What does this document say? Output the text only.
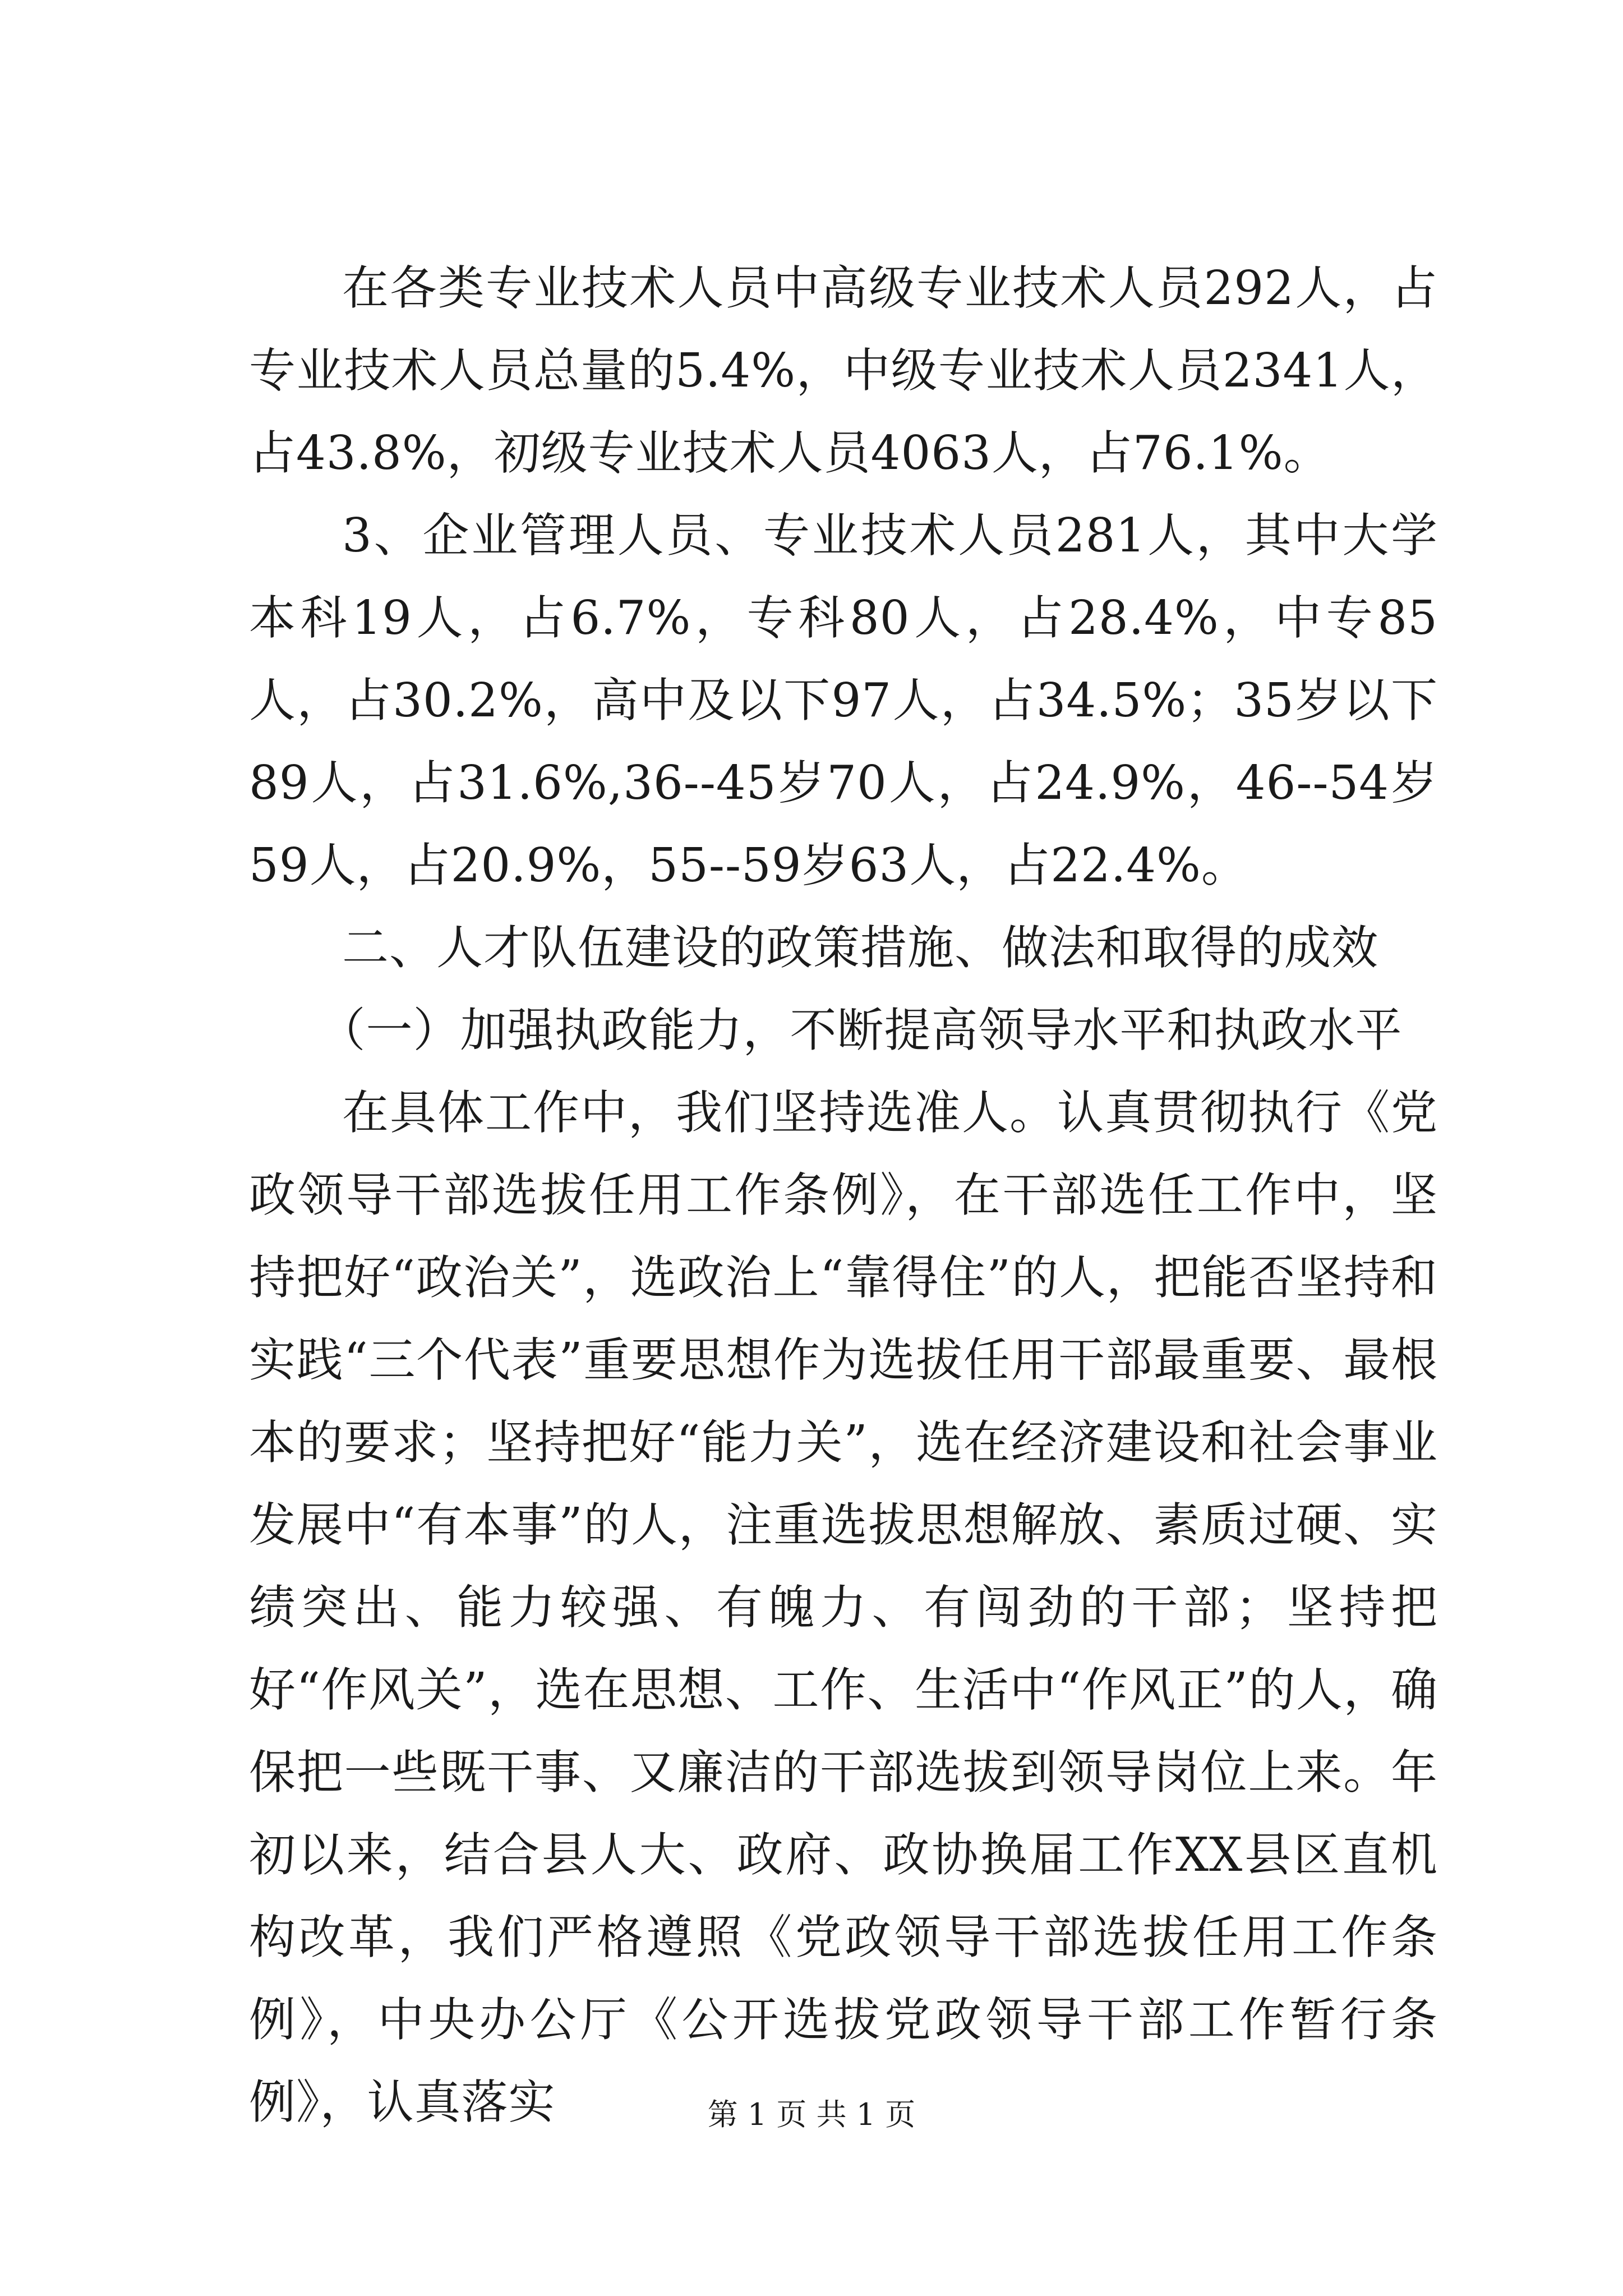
在各类专业技术人员中高级专业技术人员292人，占专业技术人员总量的5.4%，中级专业技术人员2341人，占43.8%，初级专业技术人员4063人，占76.1%。

3、企业管理人员、专业技术人员281人，其中大学本科19人，占6.7%，专科80人，占28.4%，中专85人，占30.2%，高中及以下97人，占34.5%；35岁以下89人，占31.6%,36--45岁70人，占24.9%，46--54岁59人，占20.9%，55--59岁63人，占22.4%。

二、人才队伍建设的政策措施、做法和取得的成效

（一）加强执政能力，不断提高领导水平和执政水平

在具体工作中，我们坚持选准人。认真贯彻执行《党政领导干部选拔任用工作条例》，在干部选任工作中，坚持把好“政治关”，选政治上“靠得住”的人，把能否坚持和实践“三个代表”重要思想作为选拔任用干部最重要、最根本的要求；坚持把好“能力关”，选在经济建设和社会事业发展中“有本事”的人，注重选拔思想解放、素质过硬、实绩突出、能力较强、有魄力、有闯劲的干部；坚持把好“作风关”，选在思想、工作、生活中“作风正”的人，确保把一些既干事、又廉洁的干部选拔到领导岗位上来。年初以来，结合县人大、政府、政协换届工作XX县区直机构改革，我们严格遵照《党政领导干部选拔任用工作条例》，中央办公厅《公开选拔党政领导干部工作暂行条例》，认真落实	第 1 页 共 1 页
